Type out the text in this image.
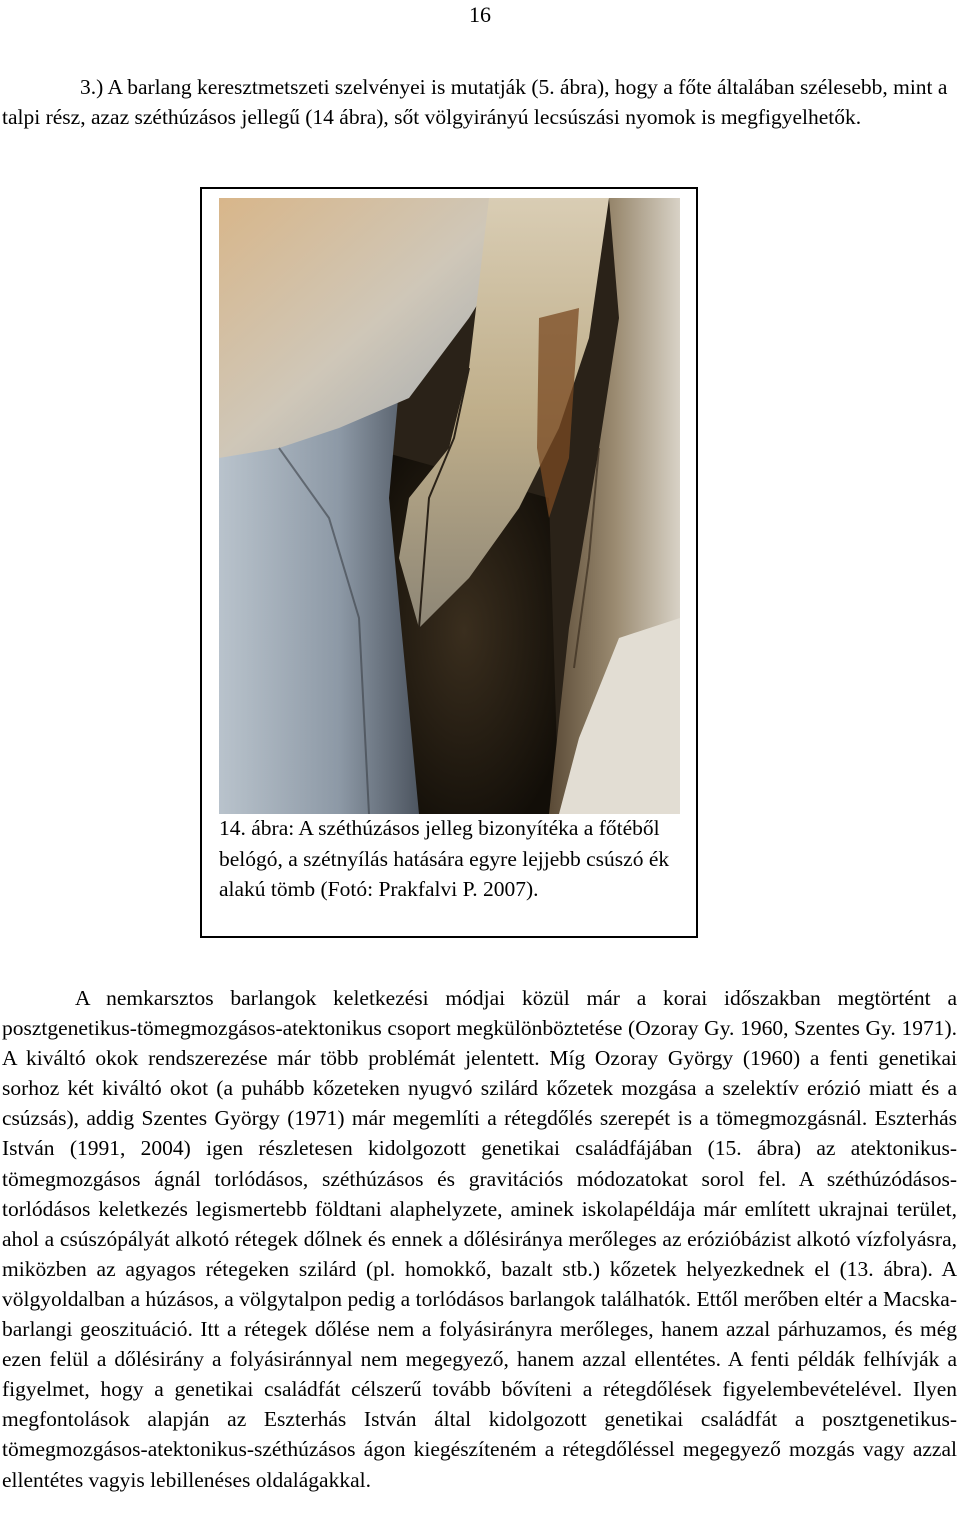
16

3.) A barlang keresztmetszeti szelvényei is mutatják (5. ábra), hogy a főte általában szélesebb, mint a talpi rész, azaz széthúzásos jellegű (14 ábra), sőt völgyirányú lecsúszási nyomok is megfigyelhetők.

14. ábra: A széthúzásos jelleg bizonyítéka a főtéből belógó, a szétnyílás hatására egyre lejjebb csúszó ék alakú tömb (Fotó: Prakfalvi P. 2007).

A nemkarsztos barlangok keletkezési módjai közül már a korai időszakban megtörtént a posztgenetikus-tömegmozgásos-atektonikus csoport megkülönböztetése (Ozoray Gy. 1960, Szentes Gy. 1971). A kiváltó okok rendszerezése már több problémát jelentett. Míg Ozoray György (1960) a fenti genetikai sorhoz két kiváltó okot (a puhább kőzeteken nyugvó szilárd kőzetek mozgása a szelektív erózió miatt és a csúzsás), addig Szentes György (1971) már megemlíti a rétegdőlés szerepét is a tömegmozgásnál. Eszterhás István (1991, 2004) igen részletesen kidolgozott genetikai családfájában (15. ábra) az atektonikus-tömegmozgásos ágnál torlódásos, széthúzásos és gravitációs módozatokat sorol fel. A széthúzódásos-torlódásos keletkezés legismertebb földtani alaphelyzete, aminek iskolapéldája már említett ukrajnai terület, ahol a csúszópályát alkotó rétegek dőlnek és ennek a dőlésiránya merőleges az erózióbázist alkotó vízfolyásra, miközben az agyagos rétegeken szilárd (pl. homokkő, bazalt stb.) kőzetek helyezkednek el (13. ábra). A völgyoldalban a húzásos, a völgytalpon pedig a torlódásos barlangok találhatók. Ettől merőben eltér a Macska-barlangi geoszituáció. Itt a rétegek dőlése nem a folyásirányra merőleges, hanem azzal párhuzamos, és még ezen felül a dőlésirány a folyásiránnyal nem megegyező, hanem azzal ellentétes. A fenti példák felhívják a figyelmet, hogy a genetikai családfát célszerű tovább bővíteni a rétegdőlések figyelembevételével. Ilyen megfontolások alapján az Eszterhás István által kidolgozott genetikai családfát a posztgenetikus-tömegmozgásos-atektonikus-széthúzásos ágon kiegészíteném a rétegdőléssel megegyező mozgás vagy azzal ellentétes vagyis lebillenéses oldalágakkal.
